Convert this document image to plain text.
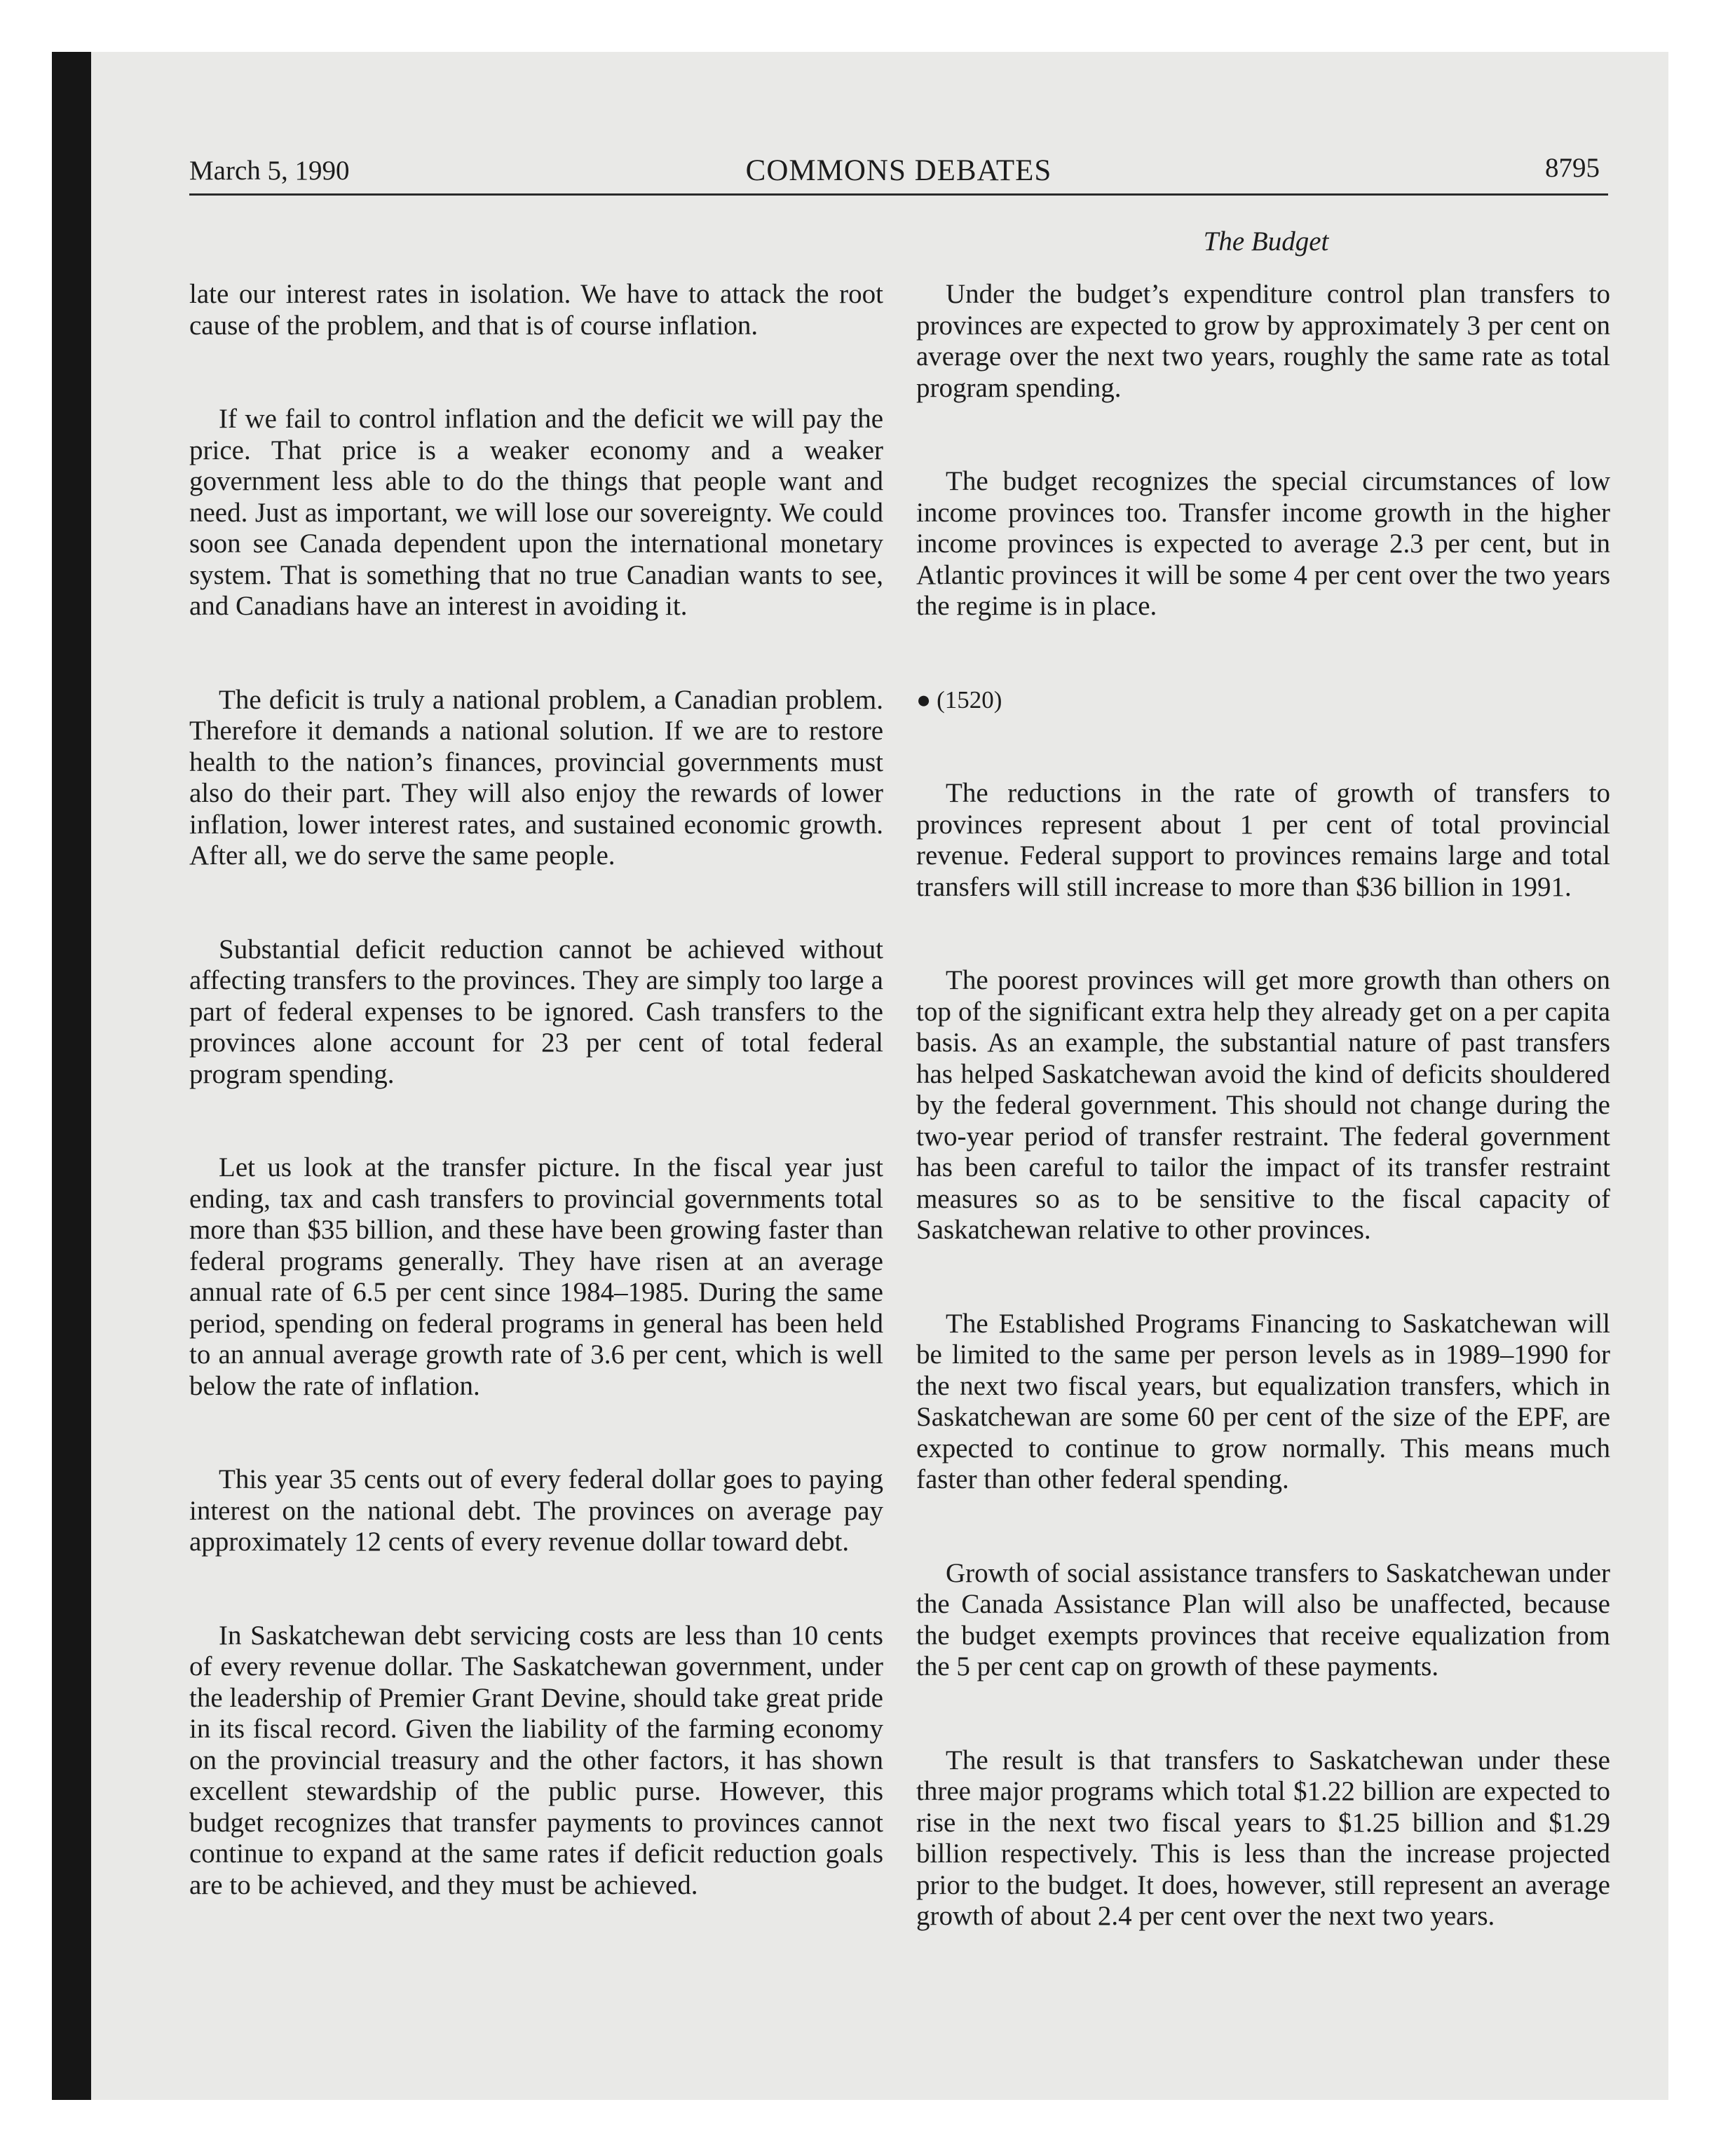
March 5, 1990	COMMONS DEBATES	8795
The Budget

late our interest rates in isolation. We have to attack the root cause of the problem, and that is of course inflation.

If we fail to control inflation and the deficit we will pay the price. That price is a weaker economy and a weaker government less able to do the things that people want and need. Just as important, we will lose our sovereignty. We could soon see Canada dependent upon the international monetary system. That is something that no true Canadian wants to see, and Canadians have an interest in avoiding it.

The deficit is truly a national problem, a Canadian problem. Therefore it demands a national solution. If we are to restore health to the nation’s finances, provincial governments must also do their part. They will also enjoy the rewards of lower inflation, lower interest rates, and sustained economic growth. After all, we do serve the same people.

Substantial deficit reduction cannot be achieved without affecting transfers to the provinces. They are simply too large a part of federal expenses to be ignored. Cash transfers to the provinces alone account for 23 per cent of total federal program spending.

Let us look at the transfer picture. In the fiscal year just ending, tax and cash transfers to provincial governments total more than $35 billion, and these have been growing faster than federal programs generally. They have risen at an average annual rate of 6.5 per cent since 1984–1985. During the same period, spending on federal programs in general has been held to an annual average growth rate of 3.6 per cent, which is well below the rate of inflation.

This year 35 cents out of every federal dollar goes to paying interest on the national debt. The provinces on average pay approximately 12 cents of every revenue dollar toward debt.

In Saskatchewan debt servicing costs are less than 10 cents of every revenue dollar. The Saskatchewan government, under the leadership of Premier Grant Devine, should take great pride in its fiscal record. Given the liability of the farming economy on the provincial treasury and the other factors, it has shown excellent stewardship of the public purse. However, this budget recognizes that transfer payments to provinces cannot continue to expand at the same rates if deficit reduction goals are to be achieved, and they must be achieved.

Under the budget’s expenditure control plan transfers to provinces are expected to grow by approximately 3 per cent on average over the next two years, roughly the same rate as total program spending.

The budget recognizes the special circumstances of low income provinces too. Transfer income growth in the higher income provinces is expected to average 2.3 per cent, but in Atlantic provinces it will be some 4 per cent over the two years the regime is in place.

● (1520)

The reductions in the rate of growth of transfers to provinces represent about 1 per cent of total provincial revenue. Federal support to provinces remains large and total transfers will still increase to more than $36 billion in 1991.

The poorest provinces will get more growth than others on top of the significant extra help they already get on a per capita basis. As an example, the substantial nature of past transfers has helped Saskatchewan avoid the kind of deficits shouldered by the federal government. This should not change during the two-year period of transfer restraint. The federal government has been careful to tailor the impact of its transfer restraint measures so as to be sensitive to the fiscal capacity of Saskatchewan relative to other provinces.

The Established Programs Financing to Saskatchewan will be limited to the same per person levels as in 1989–1990 for the next two fiscal years, but equalization transfers, which in Saskatchewan are some 60 per cent of the size of the EPF, are expected to continue to grow normally. This means much faster than other federal spending.

Growth of social assistance transfers to Saskatchewan under the Canada Assistance Plan will also be unaffected, because the budget exempts provinces that receive equalization from the 5 per cent cap on growth of these payments.

The result is that transfers to Saskatchewan under these three major programs which total $1.22 billion are expected to rise in the next two fiscal years to $1.25 billion and $1.29 billion respectively. This is less than the increase projected prior to the budget. It does, however, still represent an average growth of about 2.4 per cent over the next two years.
